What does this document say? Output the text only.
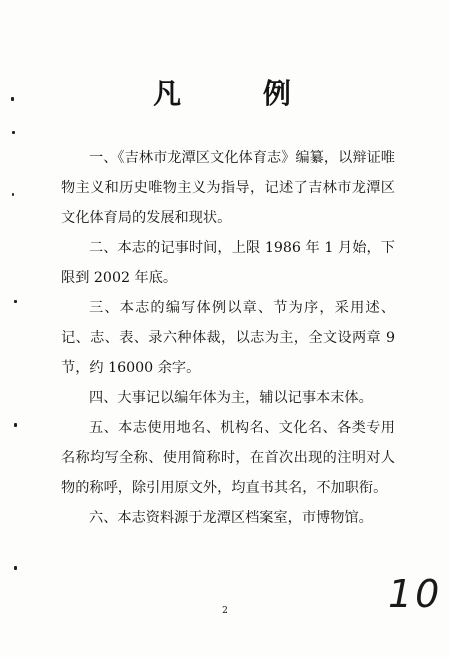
凡 例

一、《吉林市龙潭区文化体育志》编纂，以辩证唯物主义和历史唯物主义为指导，记述了吉林市龙潭区文化体育局的发展和现状。

二、本志的记事时间，上限 1986 年 1 月始，下限到 2002 年底。

三、本志的编写体例以章、节为序，采用述、记、志、表、录六种体裁，以志为主，全文设两章 9 节，约 16000 余字。

四、大事记以编年体为主，辅以记事本末体。

五、本志使用地名、机构名、文化名、各类专用名称均写全称、使用简称时，在首次出现的注明对人物的称呼，除引用原文外，均直书其名，不加职衔。

六、本志资料源于龙潭区档案室，市博物馆。

10
2
